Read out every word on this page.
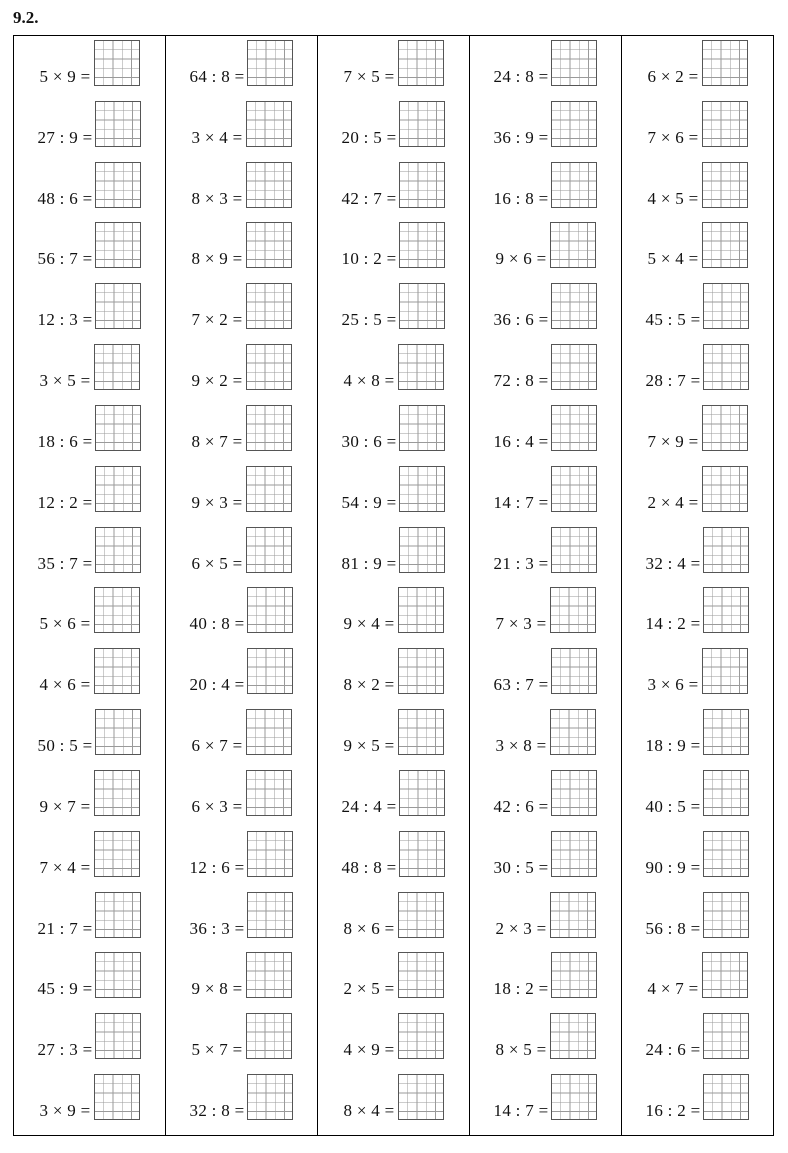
9.2.
5 × 9 =
27 : 9 =
48 : 6 =
56 : 7 =
12 : 3 =
3 × 5 =
18 : 6 =
12 : 2 =
35 : 7 =
5 × 6 =
4 × 6 =
50 : 5 =
9 × 7 =
7 × 4 =
21 : 7 =
45 : 9 =
27 : 3 =
3 × 9 =
64 : 8 =
3 × 4 =
8 × 3 =
8 × 9 =
7 × 2 =
9 × 2 =
8 × 7 =
9 × 3 =
6 × 5 =
40 : 8 =
20 : 4 =
6 × 7 =
6 × 3 =
12 : 6 =
36 : 3 =
9 × 8 =
5 × 7 =
32 : 8 =
7 × 5 =
20 : 5 =
42 : 7 =
10 : 2 =
25 : 5 =
4 × 8 =
30 : 6 =
54 : 9 =
81 : 9 =
9 × 4 =
8 × 2 =
9 × 5 =
24 : 4 =
48 : 8 =
8 × 6 =
2 × 5 =
4 × 9 =
8 × 4 =
24 : 8 =
36 : 9 =
16 : 8 =
9 × 6 =
36 : 6 =
72 : 8 =
16 : 4 =
14 : 7 =
21 : 3 =
7 × 3 =
63 : 7 =
3 × 8 =
42 : 6 =
30 : 5 =
2 × 3 =
18 : 2 =
8 × 5 =
14 : 7 =
6 × 2 =
7 × 6 =
4 × 5 =
5 × 4 =
45 : 5 =
28 : 7 =
7 × 9 =
2 × 4 =
32 : 4 =
14 : 2 =
3 × 6 =
18 : 9 =
40 : 5 =
90 : 9 =
56 : 8 =
4 × 7 =
24 : 6 =
16 : 2 =
